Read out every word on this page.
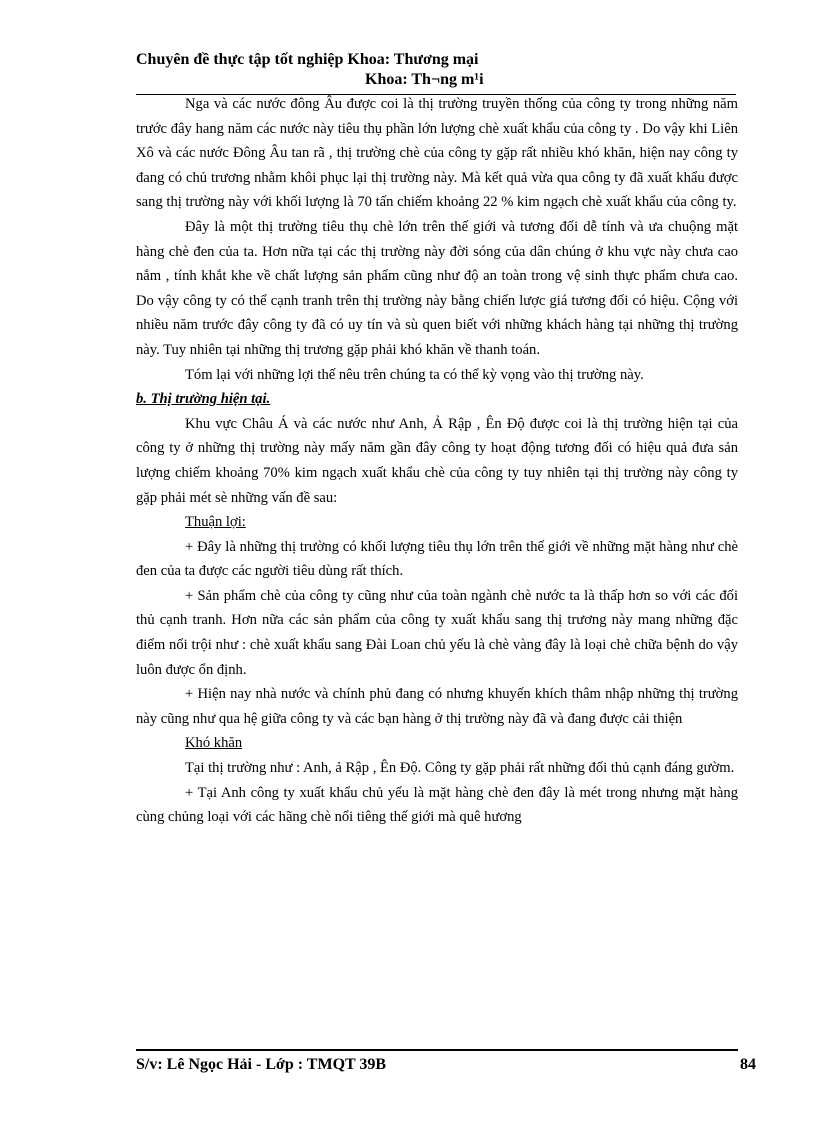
Chuyên đề thực tập tốt nghiệp Khoa: Thương mại
Khoa: Th¬ng m¹i

Nga và các nước đông Âu được coi là thị trường truyền thống của công ty trong những năm trước đây hang năm các nước này tiêu thụ phần lớn lượng chè xuất khẩu của công ty . Do vậy khi Liên Xô và các nước Đông Âu tan rã , thị trường chè của công ty gặp rất nhiều khó khăn, hiện nay công ty đang có chủ trương nhằm khôi phục lại thị trường này. Mà kết quả vừa qua công ty đã xuất khẩu được sang thị trường này với khối lượng là 70 tấn chiếm khoảng 22 % kim ngạch chè xuất khẩu của công ty.

Đây là một thị trường tiêu thụ chè lớn trên thế giới và tương đối dễ tính và ưa chuộng mặt hàng chè đen của ta. Hơn nữa tại các thị trường này đời sóng của dân chúng ở khu vực này chưa cao nắm , tính khắt khe về chất lượng sản phẩm cũng như độ an toàn trong vệ sinh thực phẩm chưa cao. Do vậy công ty có thể cạnh tranh trên thị trường này bằng chiến lược giá tương đối có hiệu. Cộng với nhiều năm trước đây công ty đã có uy tín và sù quen biết với những khách hàng tại những thị trường này. Tuy nhiên tại những thị trương gặp phải khó khăn về thanh toán.

Tóm lại với những lợi thế nêu trên chúng ta có thể kỳ vọng vào thị trường này.

b. Thị trường hiện tại.

Khu vực Châu Á và các nước như Anh, Ả Rập , Ên Độ được coi là thị trường hiện tại của công ty ở những thị trường này mấy năm gần đây công ty hoạt động tương đối có hiệu quả đưa sản lượng chiếm khoảng 70% kim ngạch xuất khẩu chè của công ty tuy nhiên tại thị trường này công ty gặp phải mét sè những vấn đề sau:

Thuận lợi:

+ Đây là những thị trường có khối lượng tiêu thụ lớn trên thế giới về những mặt hàng như chè đen của ta được các người tiêu dùng rất thích.

+ Sản phẩm chè của công ty cũng như của toàn ngành chè nước ta là thấp hơn so với các đối thủ cạnh tranh. Hơn nữa các sản phẩm của công ty xuất khẩu sang thị trương này mang những đặc điểm nổi trội như : chè xuất khẩu sang Đài Loan chủ yếu là chè vàng đây là loại chè chữa bệnh do vậy luôn được ổn định.

+ Hiện nay nhà nước và chính phủ đang có nhưng khuyến khích thâm nhập những thị trường này cũng như qua hệ giữa công ty và các bạn hàng ở thị trường này đã và đang được cải thiện

Khó khăn

Tại thị trường như : Anh, ả Rập , Ên Độ. Công ty gặp phải rất những đối thủ cạnh đáng gườm.

+ Tại Anh công ty xuất khẩu chủ yếu là mặt hàng chè đen đây là mét trong nhưng mặt hàng cùng chủng loại với các hãng chè nổi tiêng thế giới mà quê hương

S/v: Lê Ngọc Hải - Lớp : TMQT 39B	84
